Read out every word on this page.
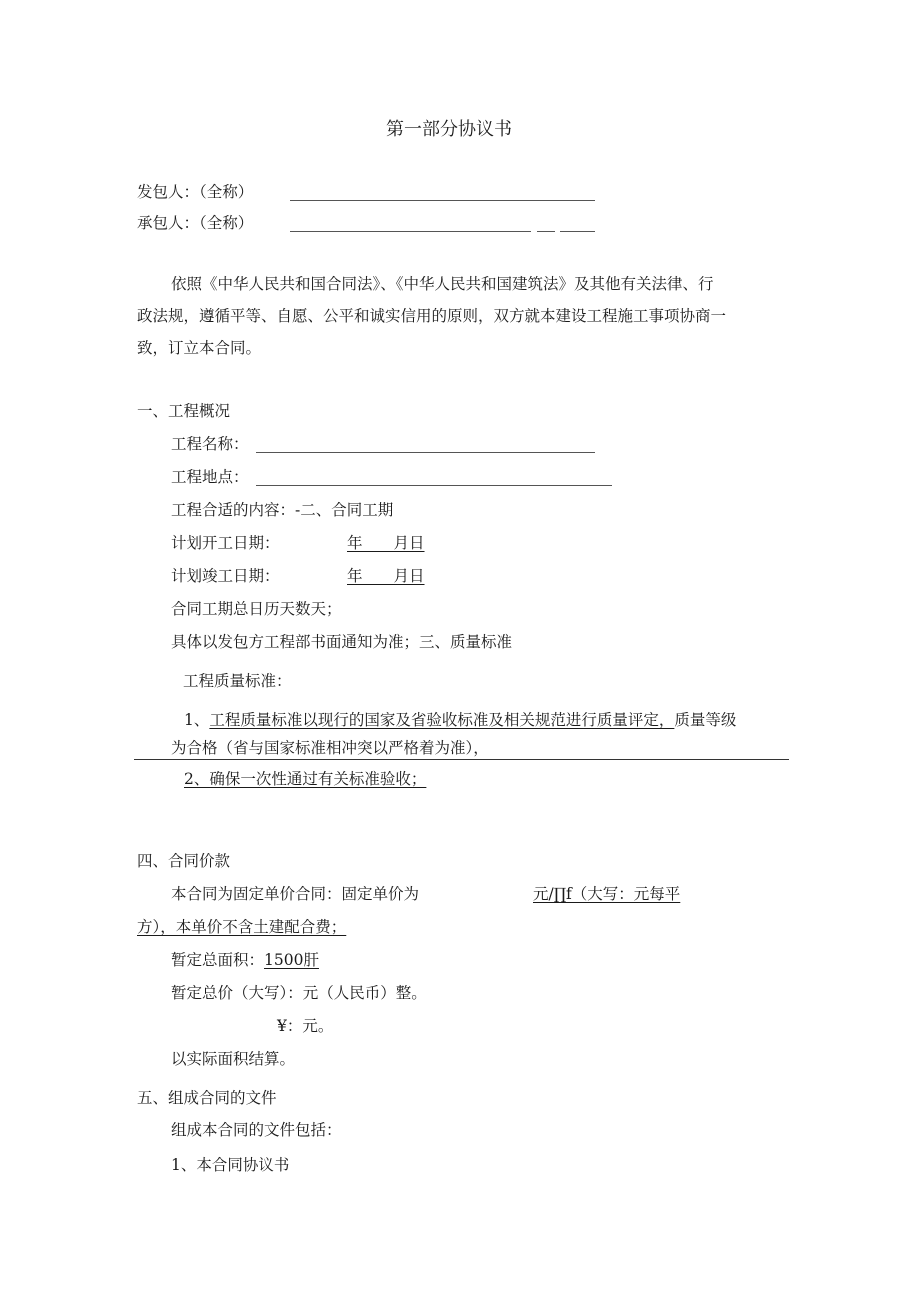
第一部分协议书
发包人：（全称）
承包人：（全称）
依照《中华人民共和国合同法》、《中华人民共和国建筑法》及其他有关法律、行
政法规，遵循平等、自愿、公平和诚实信用的原则，双方就本建设工程施工事项协商一
致，订立本合同。
一、工程概况
工程名称：
工程地点：
工程合适的内容：-二、合同工期
计划开工日期：	年　　月日
计划竣工日期：	年　　月日
合同工期总日历天数天；
具体以发包方工程部书面通知为准；三、质量标准
工程质量标准：
1、工程质量标准以现行的国家及省验收标准及相关规范进行质量评定，质量等级
为合格（省与国家标准相冲突以严格着为准），
2、确保一次性通过有关标准验收；
四、合同价款
本合同为固定单价合同：固定单价为	元/∏f（大写：元每平
方），本单价不含土建配合费；
暂定总面积：1500肝
暂定总价（大写）：元（人民币）整。
¥：元。
以实际面积结算。
五、组成合同的文件
组成本合同的文件包括：
1、本合同协议书
